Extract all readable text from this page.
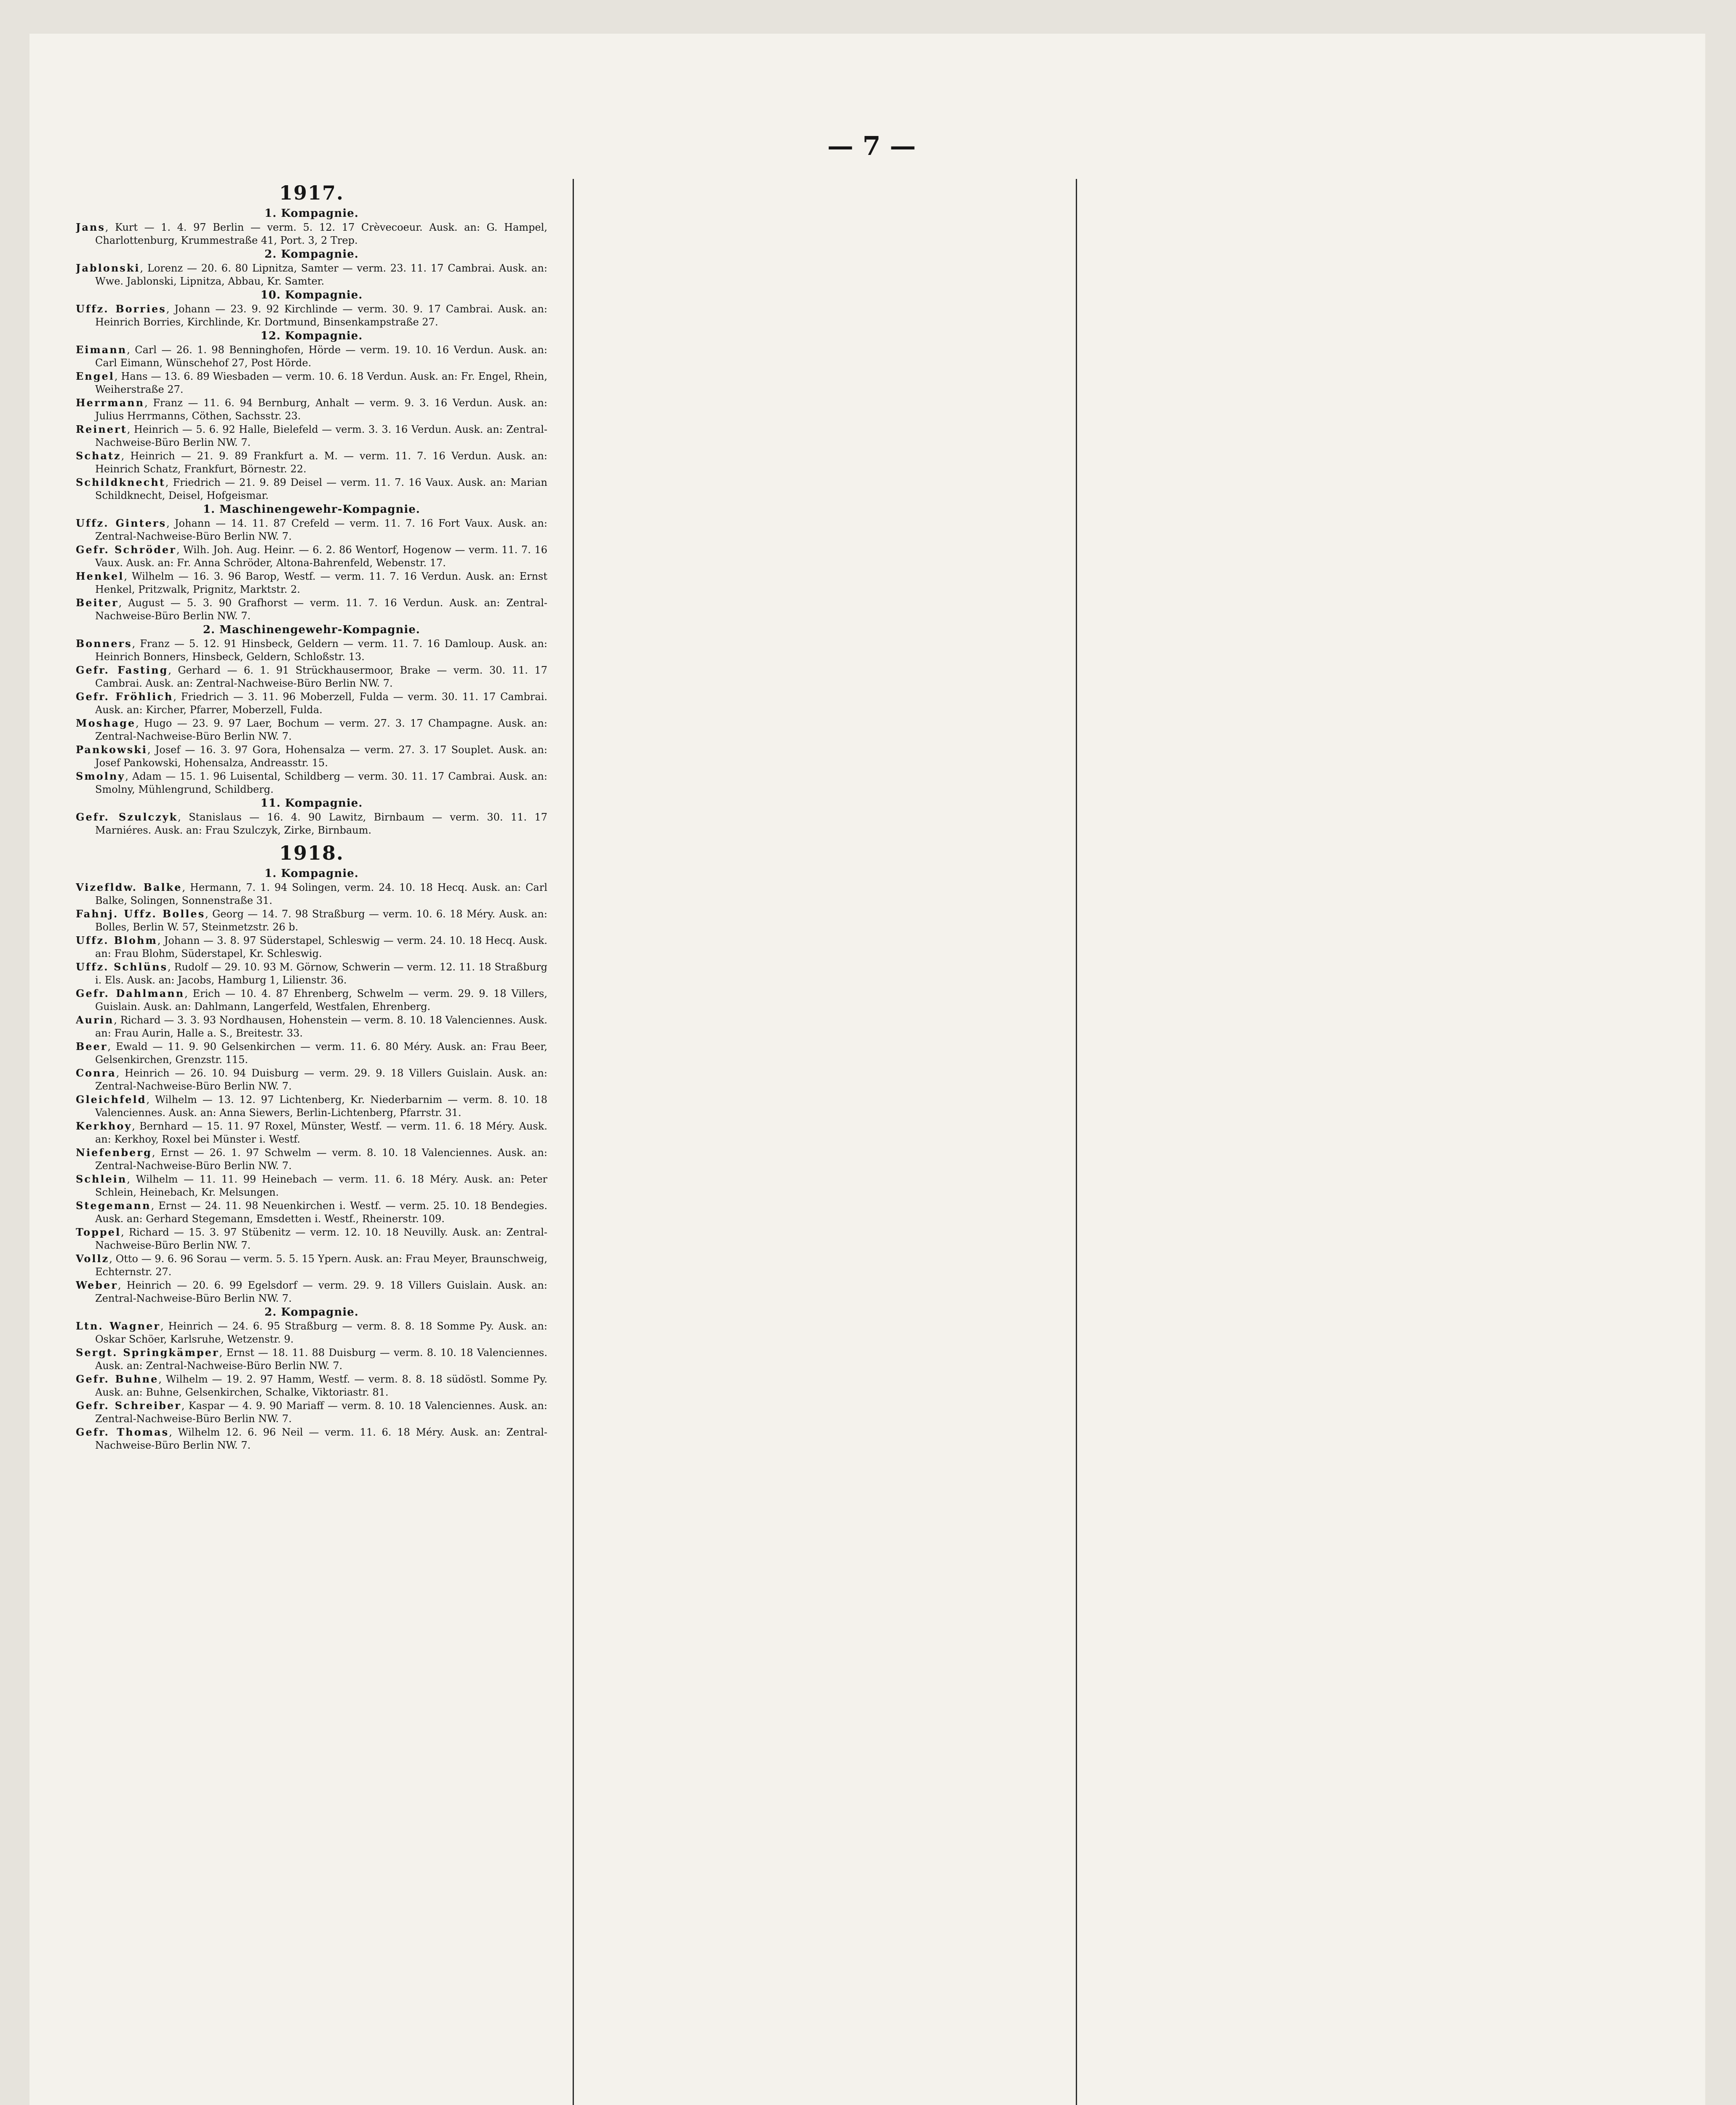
— 7 —
1917.
1. Kompagnie.
Jans, Kurt — 1. 4. 97 Berlin — verm. 5. 12. 17 Crèvecoeur. Ausk. an: G. Hampel, Charlottenburg, Krummestraße 41, Port. 3, 2 Trep.
2. Kompagnie.
Jablonski, Lorenz — 20. 6. 80 Lipnitza, Samter — verm. 23. 11. 17 Cambrai. Ausk. an: Wwe. Jablonski, Lipnitza, Abbau, Kr. Samter.
10. Kompagnie.
Uffz. Borries, Johann — 23. 9. 92 Kirchlinde — verm. 30. 9. 17 Cambrai. Ausk. an: Heinrich Borries, Kirchlinde, Kr. Dortmund, Binsenkampstraße 27.
12. Kompagnie.
Eimann, Carl — 26. 1. 98 Benninghofen, Hörde — verm. 19. 10. 16 Verdun. Ausk. an: Carl Eimann, Wünschehof 27, Post Hörde.
Engel, Hans — 13. 6. 89 Wiesbaden — verm. 10. 6. 18 Verdun. Ausk. an: Fr. Engel, Rhein, Weiherstraße 27.
Herrmann, Franz — 11. 6. 94 Bernburg, Anhalt — verm. 9. 3. 16 Verdun. Ausk. an: Julius Herrmanns, Cöthen, Sachsstr. 23.
Reinert, Heinrich — 5. 6. 92 Halle, Bielefeld — verm. 3. 3. 16 Verdun. Ausk. an: Zentral-Nachweise-Büro Berlin NW. 7.
Schatz, Heinrich — 21. 9. 89 Frankfurt a. M. — verm. 11. 7. 16 Verdun. Ausk. an: Heinrich Schatz, Frankfurt, Börnestr. 22.
Schildknecht, Friedrich — 21. 9. 89 Deisel — verm. 11. 7. 16 Vaux. Ausk. an: Marian Schildknecht, Deisel, Hofgeismar.
1. Maschinengewehr-Kompagnie.
Uffz. Ginters, Johann — 14. 11. 87 Crefeld — verm. 11. 7. 16 Fort Vaux. Ausk. an: Zentral-Nachweise-Büro Berlin NW. 7.
Gefr. Schröder, Wilh. Joh. Aug. Heinr. — 6. 2. 86 Wentorf, Hogenow — verm. 11. 7. 16 Vaux. Ausk. an: Fr. Anna Schröder, Altona-Bahrenfeld, Webenstr. 17.
Henkel, Wilhelm — 16. 3. 96 Barop, Westf. — verm. 11. 7. 16 Verdun. Ausk. an: Ernst Henkel, Pritzwalk, Prignitz, Marktstr. 2.
Beiter, August — 5. 3. 90 Grafhorst — verm. 11. 7. 16 Verdun. Ausk. an: Zentral-Nachweise-Büro Berlin NW. 7.
2. Maschinengewehr-Kompagnie.
Bonners, Franz — 5. 12. 91 Hinsbeck, Geldern — verm. 11. 7. 16 Damloup. Ausk. an: Heinrich Bonners, Hinsbeck, Geldern, Schloßstr. 13.
Gefr. Fasting, Gerhard — 6. 1. 91 Strückhausermoor, Brake — verm. 30. 11. 17 Cambrai. Ausk. an: Zentral-Nachweise-Büro Berlin NW. 7.
Gefr. Fröhlich, Friedrich — 3. 11. 96 Moberzell, Fulda — verm. 30. 11. 17 Cambrai. Ausk. an: Kircher, Pfarrer, Moberzell, Fulda.
Moshage, Hugo — 23. 9. 97 Laer, Bochum — verm. 27. 3. 17 Champagne. Ausk. an: Zentral-Nachweise-Büro Berlin NW. 7.
Pankowski, Josef — 16. 3. 97 Gora, Hohensalza — verm. 27. 3. 17 Souplet. Ausk. an: Josef Pankowski, Hohensalza, Andreasstr. 15.
Smolny, Adam — 15. 1. 96 Luisental, Schildberg — verm. 30. 11. 17 Cambrai. Ausk. an: Smolny, Mühlengrund, Schildberg.
11. Kompagnie.
Gefr. Szulczyk, Stanislaus — 16. 4. 90 Lawitz, Birnbaum — verm. 30. 11. 17 Marniéres. Ausk. an: Frau Szulczyk, Zirke, Birnbaum.
1918.
1. Kompagnie.
Vizefldw. Balke, Hermann, 7. 1. 94 Solingen, verm. 24. 10. 18 Hecq. Ausk. an: Carl Balke, Solingen, Sonnenstraße 31.
Fahnj. Uffz. Bolles, Georg — 14. 7. 98 Straßburg — verm. 10. 6. 18 Méry. Ausk. an: Bolles, Berlin W. 57, Steinmetzstr. 26 b.
Uffz. Blohm, Johann — 3. 8. 97 Süderstapel, Schleswig — verm. 24. 10. 18 Hecq. Ausk. an: Frau Blohm, Süderstapel, Kr. Schleswig.
Uffz. Schlüns, Rudolf — 29. 10. 93 M. Görnow, Schwerin — verm. 12. 11. 18 Straßburg i. Els. Ausk. an: Jacobs, Hamburg 1, Lilienstr. 36.
Gefr. Dahlmann, Erich — 10. 4. 87 Ehrenberg, Schwelm — verm. 29. 9. 18 Villers, Guislain. Ausk. an: Dahlmann, Langerfeld, Westfalen, Ehrenberg.
Aurin, Richard — 3. 3. 93 Nordhausen, Hohenstein — verm. 8. 10. 18 Valenciennes. Ausk. an: Frau Aurin, Halle a. S., Breitestr. 33.
Beer, Ewald — 11. 9. 90 Gelsenkirchen — verm. 11. 6. 80 Méry. Ausk. an: Frau Beer, Gelsenkirchen, Grenzstr. 115.
Conra, Heinrich — 26. 10. 94 Duisburg — verm. 29. 9. 18 Villers Guislain. Ausk. an: Zentral-Nachweise-Büro Berlin NW. 7.
Gleichfeld, Wilhelm — 13. 12. 97 Lichtenberg, Kr. Niederbarnim — verm. 8. 10. 18 Valenciennes. Ausk. an: Anna Siewers, Berlin-Lichtenberg, Pfarrstr. 31.
Kerkhoy, Bernhard — 15. 11. 97 Roxel, Münster, Westf. — verm. 11. 6. 18 Méry. Ausk. an: Kerkhoy, Roxel bei Münster i. Westf.
Niefenberg, Ernst — 26. 1. 97 Schwelm — verm. 8. 10. 18 Valenciennes. Ausk. an: Zentral-Nachweise-Büro Berlin NW. 7.
Schlein, Wilhelm — 11. 11. 99 Heinebach — verm. 11. 6. 18 Méry. Ausk. an: Peter Schlein, Heinebach, Kr. Melsungen.
Stegemann, Ernst — 24. 11. 98 Neuenkirchen i. Westf. — verm. 25. 10. 18 Bendegies. Ausk. an: Gerhard Stegemann, Emsdetten i. Westf., Rheinerstr. 109.
Toppel, Richard — 15. 3. 97 Stübenitz — verm. 12. 10. 18 Neuvilly. Ausk. an: Zentral-Nachweise-Büro Berlin NW. 7.
Vollz, Otto — 9. 6. 96 Sorau — verm. 5. 5. 15 Ypern. Ausk. an: Frau Meyer, Braunschweig, Echternstr. 27.
Weber, Heinrich — 20. 6. 99 Egelsdorf — verm. 29. 9. 18 Villers Guislain. Ausk. an: Zentral-Nachweise-Büro Berlin NW. 7.
2. Kompagnie.
Ltn. Wagner, Heinrich — 24. 6. 95 Straßburg — verm. 8. 8. 18 Somme Py. Ausk. an: Oskar Schöer, Karlsruhe, Wetzenstr. 9.
Sergt. Springkämper, Ernst — 18. 11. 88 Duisburg — verm. 8. 10. 18 Valenciennes. Ausk. an: Zentral-Nachweise-Büro Berlin NW. 7.
Gefr. Buhne, Wilhelm — 19. 2. 97 Hamm, Westf. — verm. 8. 8. 18 südöstl. Somme Py. Ausk. an: Buhne, Gelsenkirchen, Schalke, Viktoriastr. 81.
Gefr. Schreiber, Kaspar — 4. 9. 90 Mariaff — verm. 8. 10. 18 Valenciennes. Ausk. an: Zentral-Nachweise-Büro Berlin NW. 7.
Gefr. Thomas, Wilhelm 12. 6. 96 Neil — verm. 11. 6. 18 Méry. Ausk. an: Zentral-Nachweise-Büro Berlin NW. 7.
